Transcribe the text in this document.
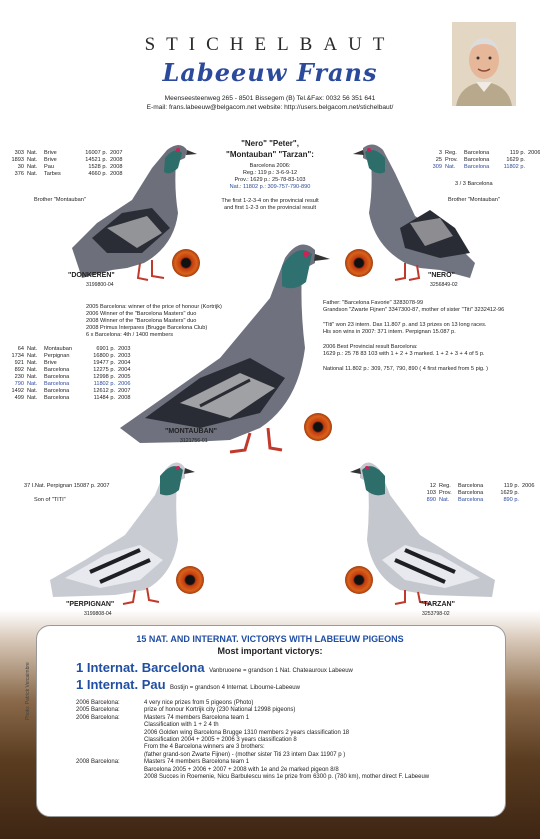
STICHELBAUT
Labeeuw Frans
Meenseesteenweg 265 - 8501 Bissegem (B) Tel.&Fax: 0032 56 351 641
E-mail: frans.labeeuw@belgacom.net website: http://users.belgacom.net/stichelbaut/
303 Nat.	Brive	16007 p. 2007
1893 Nat.	Brive	14521 p. 2008
30 Nat.	Pau	1528 p. 2008
376 Nat.	Tarbes	4660 p. 2008
Brother "Montauban"
"DONKEREN"
3199800-04
"Nero" "Peter",
"Montauban" "Tarzan":
Barcelona 2006:
Reg.: 119 p.: 3-6-9-12
Prov.: 1629 p.: 25-78-83-103
Nat.: 11802 p.: 309-757-790-890
The first 1-2-3-4 on the provincial result
and first 1-2-3 on the provincial result
3 Reg.	Barcelona	119 p. 2006
25 Prov.	Barcelona	1629 p.
309 Nat.	Barcelona	11802 p.
3 / 3 Barcelona
Brother "Montauban"
"NERO"
3256849-02
2005 Barcelona: winner of the price of honour (Kortrijk)
2006 Winner of the "Barcelona Masters" duo
2008 Winner of the "Barcelona Masters" duo
2008 Primus Interpares (Brugge Barcelona Club)
6 x Barcelona: 4th / 1400 members
64 Nat.	Montauban	6901 p. 2003
1734 Nat.	Perpignan	16800 p. 2003
921 Nat.	Brive	19477 p. 2004
892 Nat.	Barcelona	12275 p. 2004
230 Nat.	Barcelona	12998 p. 2005
790 Nat.	Barcelona	11802 p. 2006
1492 Nat.	Barcelona	12612 p. 2007
499 Nat.	Barcelona	11484 p. 2008
"MONTAUBAN"
3121756-01
Father: "Barcelona Favorie" 3283078-99
Grandson "Zwarte Fijnen" 3347300-87, mother of sister "Titi" 3232412-96
"Titi" won 23 intern. Dax 11.807 p. and 13 prizes on 13 long races.
His son wins in 2007: 371 intern. Perpignan 15.087 p.
2006 Best Provincial result Barcelona:
1629 p.: 25 78 83 103 with 1 + 2 + 3 marked. 1 + 2 + 3 + 4 of 5 p.
National 11.802 p.: 309, 757, 790, 890 ( 4 first marked from 5 pig. )
37 I.Nat. Perpignan 15087 p. 2007
Son of "TITI"
"PERPIGNAN"
3199808-04
12 Reg.	Barcelona	119 p. 2006
103 Prov.	Barcelona	1629 p.
890 Nat.	Barcelona	890 p.
"TARZAN"
3253798-02
15 NAT. AND INTERNAT. VICTORYS WITH LABEEUW PIGEONS
Most important victorys:
1 Internat. Barcelona Vanbruoene = grandson 1 Nat. Chateauroux Labeeuw
1 Internat. Pau Bostijn = grandson 4 Internat. Libourne-Labeeuw
2006 Barcelona:	4 very nice prizes from 5 pigeons (Photo)
2005 Barcelona:	prize of honour Kortrijk city (230 National 12998 pigeons)
2006 Barcelona:	Masters 74 members Barcelona team 1
Classification with 1 + 2 4 th
2006 Golden wing Barcelona Brugge 1310 members 2 years classification 18
Classification 2004 + 2005 + 2006 3 years classification 8
From the 4 Barcelona winners are 3 brothers:
(father grand-son Zwarte Fijnen) - (mother sister Titi 23 intern Dax 11907 p )
2008 Barcelona:	Masters 74 members Barcelona team 1
Barcelona 2005 + 2006 + 2007 + 2008 with 1e and 2e marked pigeon 8/8
2008 Succes in Roemenie, Nicu Barbulescu wins 1e prize from 6300 p. (780 km), mother direct F. Labeeuw
Photo: Patrick Vercaimbre
